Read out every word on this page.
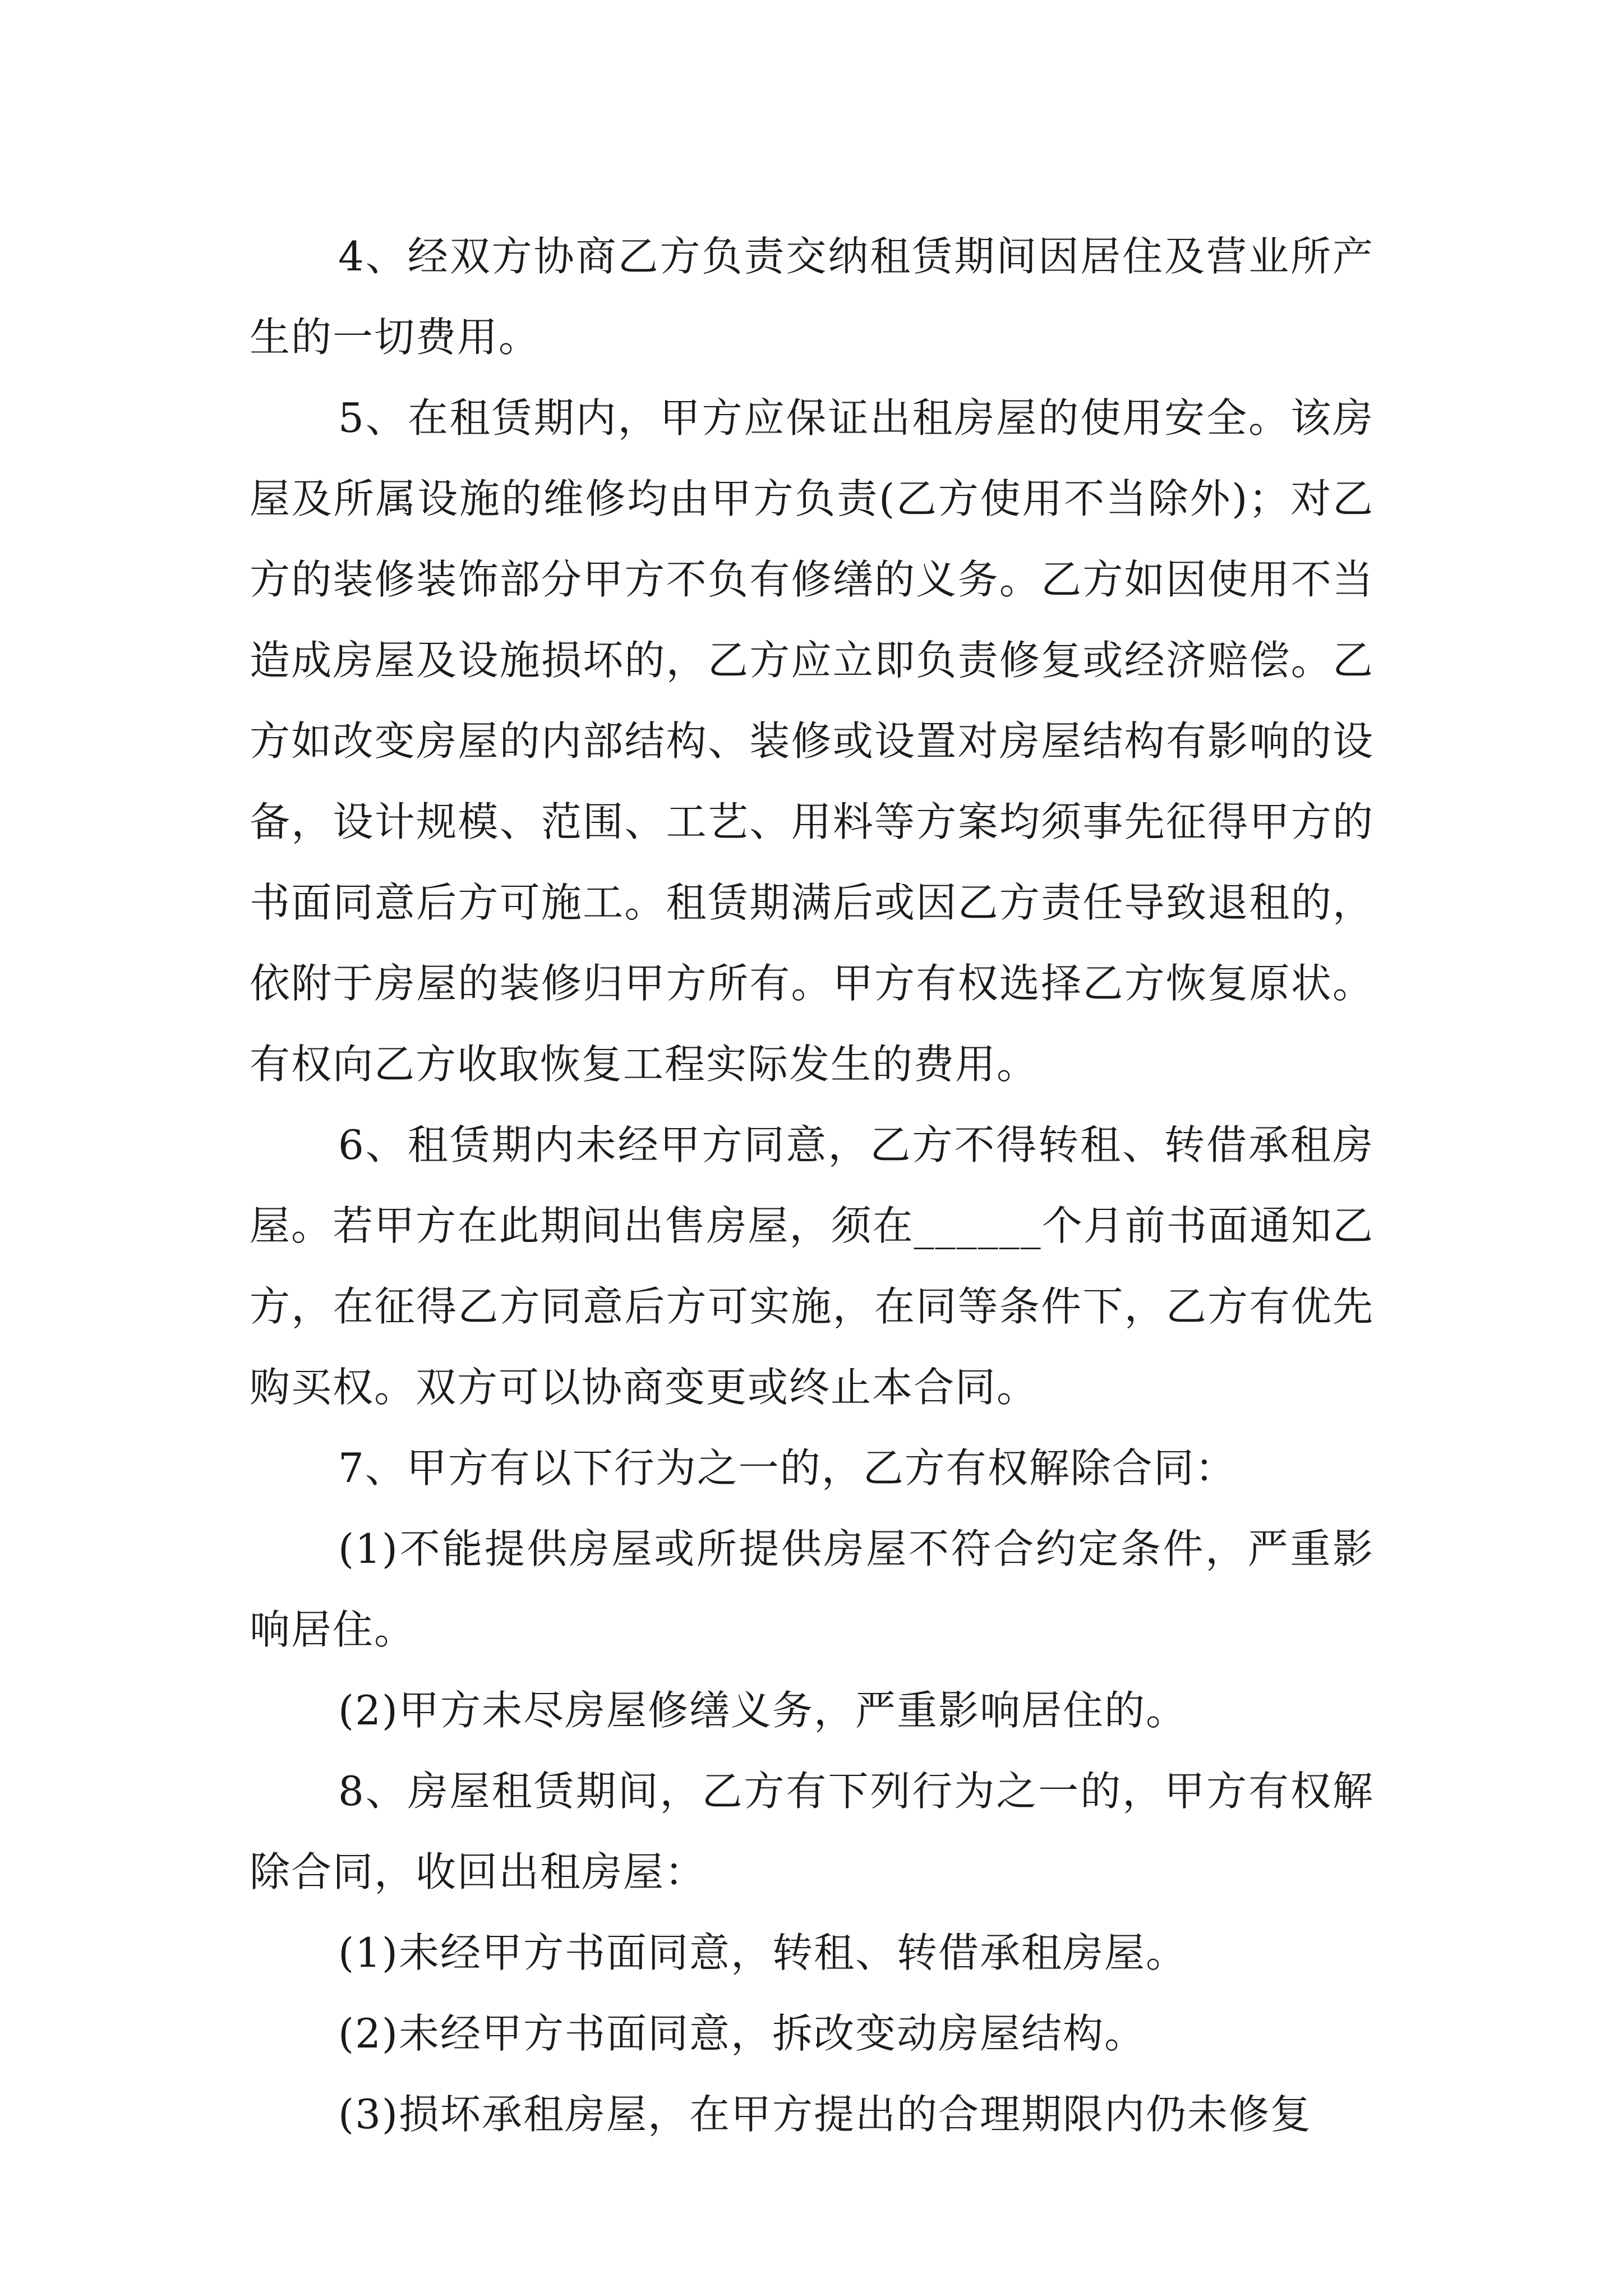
4、经双方协商乙方负责交纳租赁期间因居住及营业所产生的一切费用。

5、在租赁期内，甲方应保证出租房屋的使用安全。该房屋及所属设施的维修均由甲方负责(乙方使用不当除外)；对乙方的装修装饰部分甲方不负有修缮的义务。乙方如因使用不当造成房屋及设施损坏的，乙方应立即负责修复或经济赔偿。乙方如改变房屋的内部结构、装修或设置对房屋结构有影响的设备，设计规模、范围、工艺、用料等方案均须事先征得甲方的书面同意后方可施工。租赁期满后或因乙方责任导致退租的，依附于房屋的装修归甲方所有。甲方有权选择乙方恢复原状。有权向乙方收取恢复工程实际发生的费用。

6、租赁期内未经甲方同意，乙方不得转租、转借承租房屋。若甲方在此期间出售房屋，须在______个月前书面通知乙方，在征得乙方同意后方可实施，在同等条件下，乙方有优先购买权。双方可以协商变更或终止本合同。

7、甲方有以下行为之一的，乙方有权解除合同：

(1)不能提供房屋或所提供房屋不符合约定条件，严重影响居住。

(2)甲方未尽房屋修缮义务，严重影响居住的。

8、房屋租赁期间，乙方有下列行为之一的，甲方有权解除合同，收回出租房屋：

(1)未经甲方书面同意，转租、转借承租房屋。

(2)未经甲方书面同意，拆改变动房屋结构。

(3)损坏承租房屋，在甲方提出的合理期限内仍未修复
